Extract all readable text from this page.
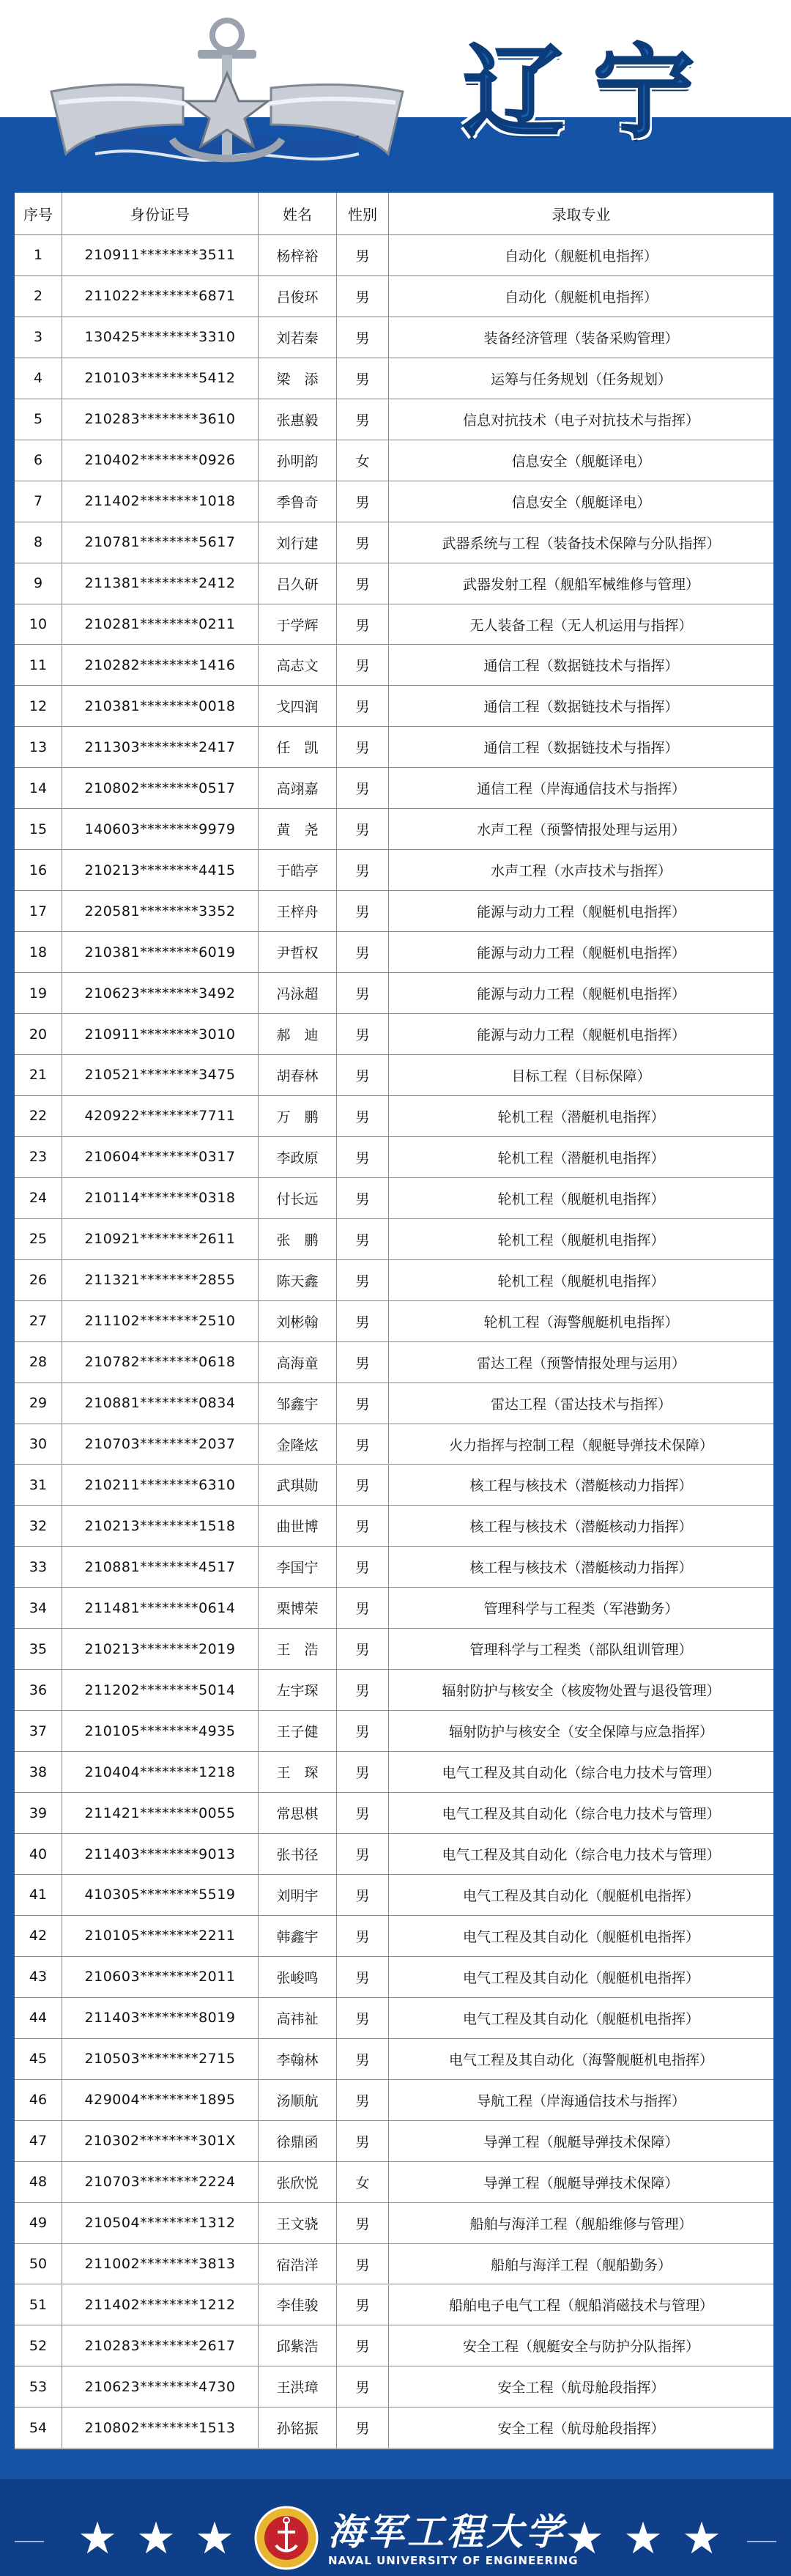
辽宁
序号	身份证号	姓名	性别	录取专业
1	210911********3511	杨梓裕	男	自动化（舰艇机电指挥）
2	211022********6871	吕俊环	男	自动化（舰艇机电指挥）
3	130425********3310	刘若秦	男	装备经济管理（装备采购管理）
4	210103********5412	梁　添	男	运筹与任务规划（任务规划）
5	210283********3610	张惠毅	男	信息对抗技术（电子对抗技术与指挥）
6	210402********0926	孙明韵	女	信息安全（舰艇译电）
7	211402********1018	季鲁奇	男	信息安全（舰艇译电）
8	210781********5617	刘行建	男	武器系统与工程（装备技术保障与分队指挥）
9	211381********2412	吕久研	男	武器发射工程（舰船军械维修与管理）
10	210281********0211	于学辉	男	无人装备工程（无人机运用与指挥）
11	210282********1416	高志文	男	通信工程（数据链技术与指挥）
12	210381********0018	戈四润	男	通信工程（数据链技术与指挥）
13	211303********2417	任　凯	男	通信工程（数据链技术与指挥）
14	210802********0517	高翊嘉	男	通信工程（岸海通信技术与指挥）
15	140603********9979	黄　尧	男	水声工程（预警情报处理与运用）
16	210213********4415	于皓亭	男	水声工程（水声技术与指挥）
17	220581********3352	王梓舟	男	能源与动力工程（舰艇机电指挥）
18	210381********6019	尹哲权	男	能源与动力工程（舰艇机电指挥）
19	210623********3492	冯泳超	男	能源与动力工程（舰艇机电指挥）
20	210911********3010	郝　迪	男	能源与动力工程（舰艇机电指挥）
21	210521********3475	胡春林	男	目标工程（目标保障）
22	420922********7711	万　鹏	男	轮机工程（潜艇机电指挥）
23	210604********0317	李政原	男	轮机工程（潜艇机电指挥）
24	210114********0318	付长远	男	轮机工程（舰艇机电指挥）
25	210921********2611	张　鹏	男	轮机工程（舰艇机电指挥）
26	211321********2855	陈天鑫	男	轮机工程（舰艇机电指挥）
27	211102********2510	刘彬翰	男	轮机工程（海警舰艇机电指挥）
28	210782********0618	高海童	男	雷达工程（预警情报处理与运用）
29	210881********0834	邹鑫宇	男	雷达工程（雷达技术与指挥）
30	210703********2037	金隆炫	男	火力指挥与控制工程（舰艇导弹技术保障）
31	210211********6310	武琪勋	男	核工程与核技术（潜艇核动力指挥）
32	210213********1518	曲世博	男	核工程与核技术（潜艇核动力指挥）
33	210881********4517	李国宁	男	核工程与核技术（潜艇核动力指挥）
34	211481********0614	栗博荣	男	管理科学与工程类（军港勤务）
35	210213********2019	王　浩	男	管理科学与工程类（部队组训管理）
36	211202********5014	左宇琛	男	辐射防护与核安全（核废物处置与退役管理）
37	210105********4935	王子健	男	辐射防护与核安全（安全保障与应急指挥）
38	210404********1218	王　琛	男	电气工程及其自动化（综合电力技术与管理）
39	211421********0055	常思棋	男	电气工程及其自动化（综合电力技术与管理）
40	211403********9013	张书径	男	电气工程及其自动化（综合电力技术与管理）
41	410305********5519	刘明宇	男	电气工程及其自动化（舰艇机电指挥）
42	210105********2211	韩鑫宇	男	电气工程及其自动化（舰艇机电指挥）
43	210603********2011	张峻鸣	男	电气工程及其自动化（舰艇机电指挥）
44	211403********8019	高祎祉	男	电气工程及其自动化（舰艇机电指挥）
45	210503********2715	李翰林	男	电气工程及其自动化（海警舰艇机电指挥）
46	429004********1895	汤顺航	男	导航工程（岸海通信技术与指挥）
47	210302********301X	徐鼎函	男	导弹工程（舰艇导弹技术保障）
48	210703********2224	张欣悦	女	导弹工程（舰艇导弹技术保障）
49	210504********1312	王文骁	男	船舶与海洋工程（舰船维修与管理）
50	211002********3813	宿浩洋	男	船舶与海洋工程（舰船勤务）
51	211402********1212	李佳骏	男	船舶电子电气工程（舰船消磁技术与管理）
52	210283********2617	邱紫浩	男	安全工程（舰艇安全与防护分队指挥）
53	210623********4730	王洪璋	男	安全工程（航母舱段指挥）
54	210802********1513	孙铭振	男	安全工程（航母舱段指挥）
★ ★ ★	海军工程大学
NAVAL UNIVERSITY OF ENGINEERING
★ ★ ★
